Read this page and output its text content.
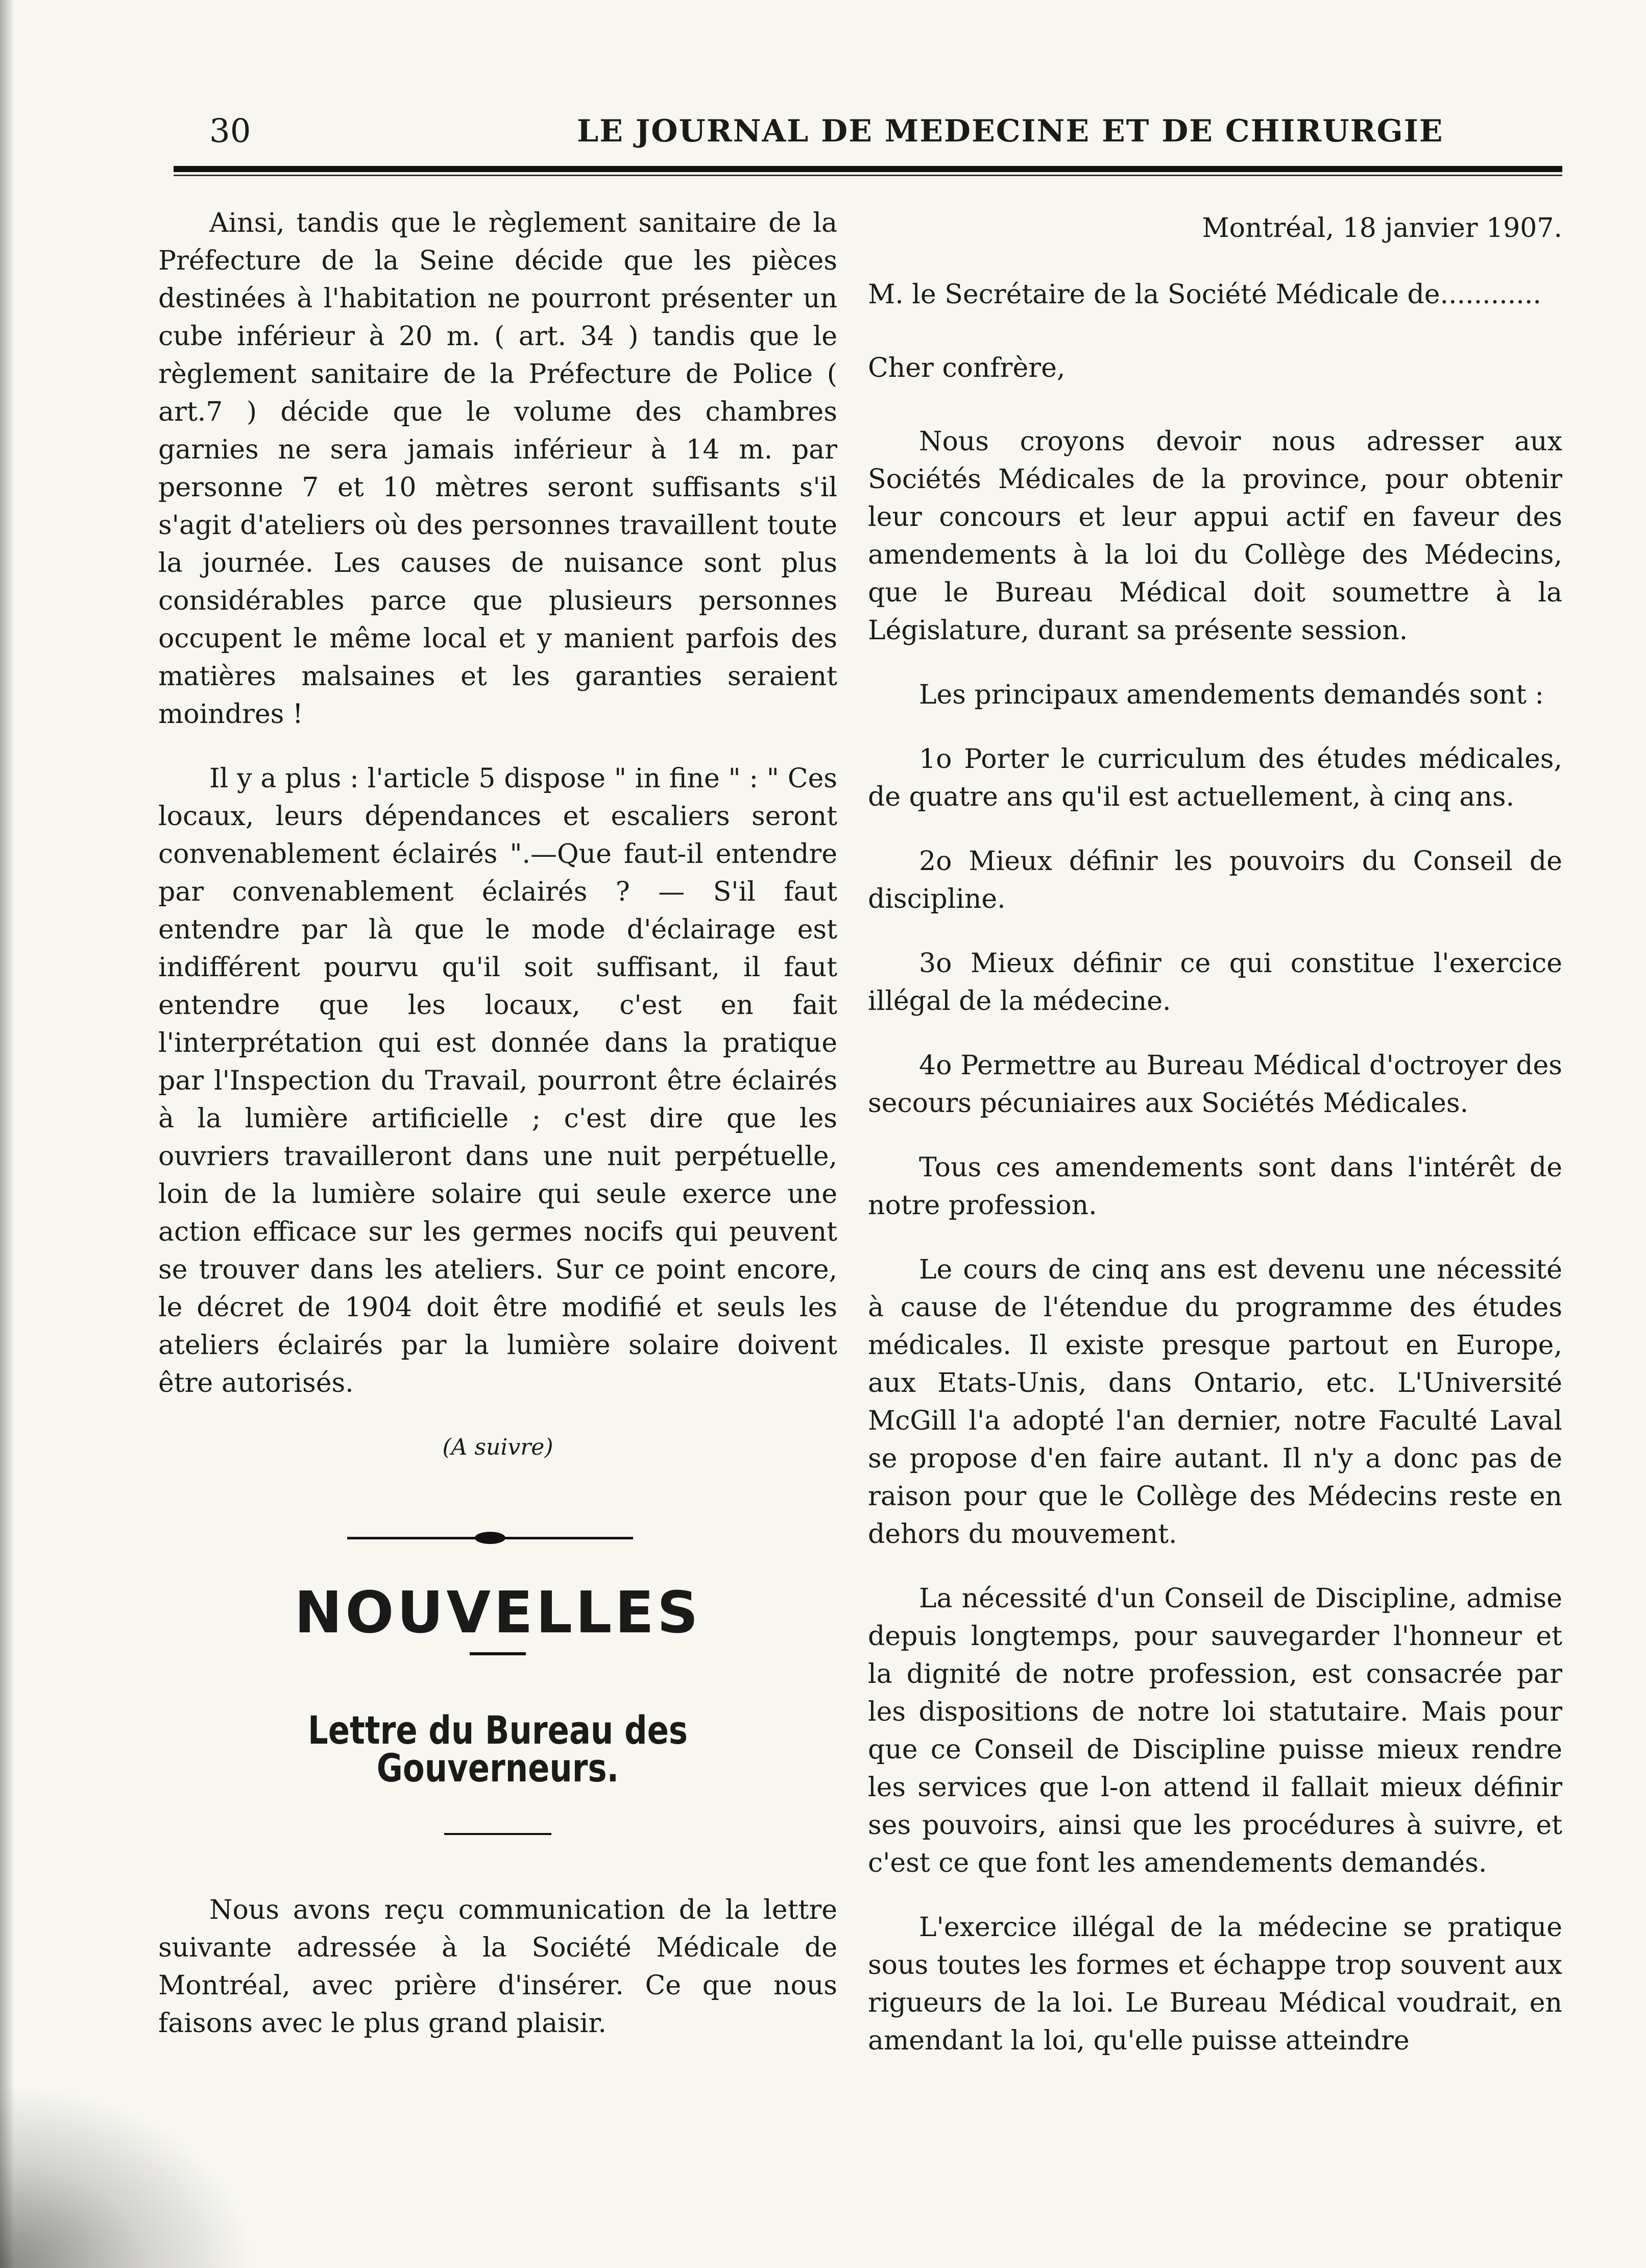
30	LE JOURNAL DE MEDECINE ET DE CHIRURGIE

Ainsi, tandis que le règlement sanitaire de la Préfecture de la Seine décide que les pièces destinées à l'habitation ne pourront présenter un cube inférieur à 20 m. ( art. 34 ) tandis que le règlement sanitaire de la Préfecture de Police ( art.7 ) décide que le volume des chambres garnies ne sera jamais inférieur à 14 m. par personne 7 et 10 mètres seront suffisants s'il s'agit d'ateliers où des personnes travaillent toute la journée. Les causes de nuisance sont plus considérables parce que plusieurs personnes occupent le même local et y manient parfois des matières malsaines et les garanties seraient moindres !

Il y a plus : l'article 5 dispose " in fine " : " Ces locaux, leurs dépendances et escaliers seront convenablement éclairés ".—Que faut-il entendre par convenablement éclairés ? — S'il faut entendre par là que le mode d'éclairage est indifférent pourvu qu'il soit suffisant, il faut entendre que les locaux, c'est en fait l'interprétation qui est donnée dans la pratique par l'Inspection du Travail, pourront être éclairés à la lumière artificielle ; c'est dire que les ouvriers travailleront dans une nuit perpétuelle, loin de la lumière solaire qui seule exerce une action efficace sur les germes nocifs qui peuvent se trouver dans les ateliers. Sur ce point encore, le décret de 1904 doit être modifié et seuls les ateliers éclairés par la lumière solaire doivent être autorisés.

(A suivre)
NOUVELLES
Lettre du Bureau des Gouverneurs.

Nous avons reçu communication de la lettre suivante adressée à la Société Médicale de Montréal, avec prière d'insérer. Ce que nous faisons avec le plus grand plaisir.

Montréal, 18 janvier 1907.

M. le Secrétaire de la Société Médicale de............

Cher confrère,

Nous croyons devoir nous adresser aux Sociétés Médicales de la province, pour obtenir leur concours et leur appui actif en faveur des amendements à la loi du Collège des Médecins, que le Bureau Médical doit soumettre à la Législature, durant sa présente session.

Les principaux amendements demandés sont :

1o Porter le curriculum des études médicales, de quatre ans qu'il est actuellement, à cinq ans.

2o Mieux définir les pouvoirs du Conseil de discipline.

3o Mieux définir ce qui constitue l'exercice illégal de la médecine.

4o Permettre au Bureau Médical d'octroyer des secours pécuniaires aux Sociétés Médicales.

Tous ces amendements sont dans l'intérêt de notre profession.

Le cours de cinq ans est devenu une nécessité à cause de l'étendue du programme des études médicales. Il existe presque partout en Europe, aux Etats-Unis, dans Ontario, etc. L'Université McGill l'a adopté l'an dernier, notre Faculté Laval se propose d'en faire autant. Il n'y a donc pas de raison pour que le Collège des Médecins reste en dehors du mouvement.

La nécessité d'un Conseil de Discipline, admise depuis longtemps, pour sauvegarder l'honneur et la dignité de notre profession, est consacrée par les dispositions de notre loi statutaire. Mais pour que ce Conseil de Discipline puisse mieux rendre les services que l-on attend il fallait mieux définir ses pouvoirs, ainsi que les procédures à suivre, et c'est ce que font les amendements demandés.

L'exercice illégal de la médecine se pratique sous toutes les formes et échappe trop souvent aux rigueurs de la loi. Le Bureau Médical voudrait, en amendant la loi, qu'elle puisse atteindre
